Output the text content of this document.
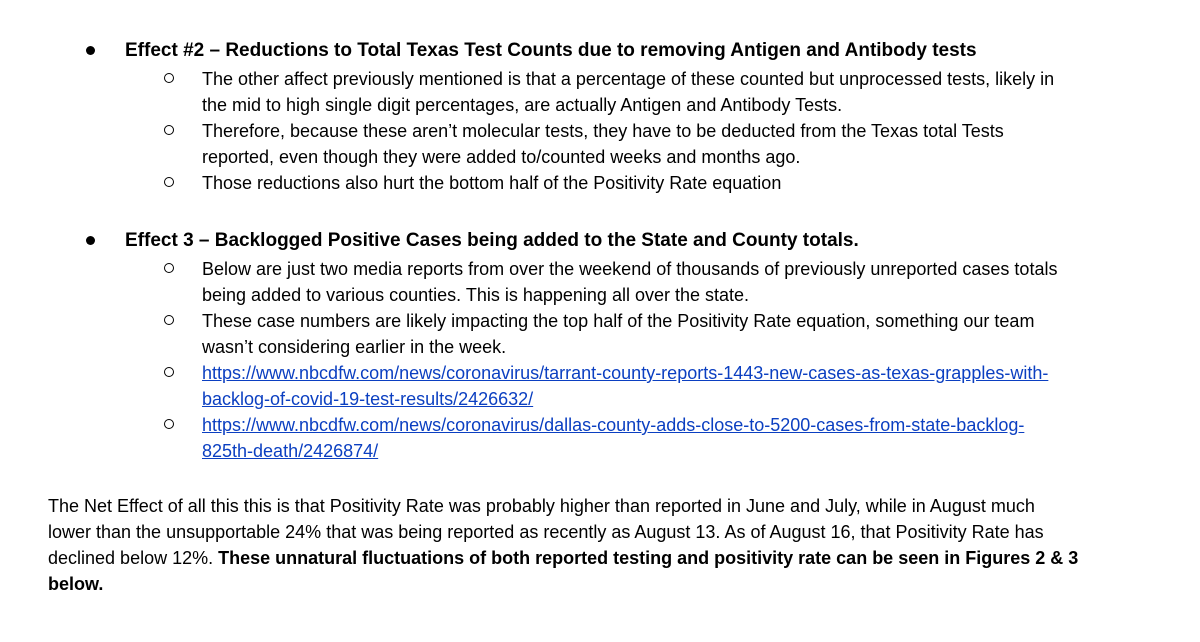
Effect #2 – Reductions to Total Texas Test Counts due to removing Antigen and Antibody tests
The other affect previously mentioned is that a percentage of these counted but unprocessed tests, likely in
the mid to high single digit percentages, are actually Antigen and Antibody Tests.
Therefore, because these aren’t molecular tests, they have to be deducted from the Texas total Tests
reported, even though they were added to/counted weeks and months ago.
Those reductions also hurt the bottom half of the Positivity Rate equation
Effect 3 – Backlogged Positive Cases being added to the State and County totals.
Below are just two media reports from over the weekend of thousands of previously unreported cases totals
being added to various counties. This is happening all over the state.
These case numbers are likely impacting the top half of the Positivity Rate equation, something our team
wasn’t considering earlier in the week.
https://www.nbcdfw.com/news/coronavirus/tarrant-county-reports-1443-new-cases-as-texas-grapples-with-
backlog-of-covid-19-test-results/2426632/
https://www.nbcdfw.com/news/coronavirus/dallas-county-adds-close-to-5200-cases-from-state-backlog-
825th-death/2426874/
The Net Effect of all this this is that Positivity Rate was probably higher than reported in June and July, while in August much
lower than the unsupportable 24% that was being reported as recently as August 13. As of August 16, that Positivity Rate has
declined below 12%. These unnatural fluctuations of both reported testing and positivity rate can be seen in Figures 2 & 3
below.
